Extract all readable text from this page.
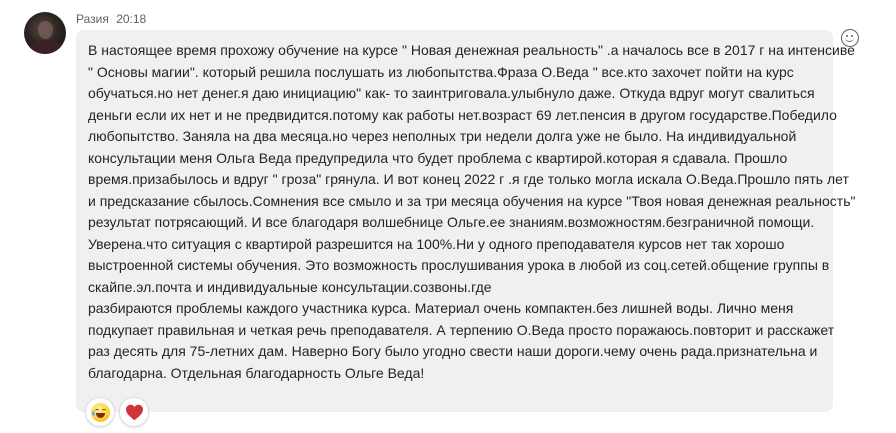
Разия 20:18

В настоящее время прохожу обучение на курсе " Новая денежная реальность" .а началось все в 2017 г на интенсиве
" Основы магии". который решила послушать из любопытства.Фраза О.Веда " все.кто захочет пойти на курс
обучаться.но нет денег.я даю инициацию" как- то заинтриговала.улыбнуло даже. Откуда вдруг могут свалиться
деньги если их нет и не предвидится.потому как работы нет.возраст 69 лет.пенсия в другом государстве.Победило
любопытство. Заняла на два месяца.но через неполных три недели долга уже не было. На индивидуальной
консультации меня Ольга Веда предупредила что будет проблема с квартирой.которая я сдавала. Прошло
время.призабылось и вдруг " гроза" грянула. И вот конец 2022 г .я где только могла искала О.Веда.Прошло пять лет
и предсказание сбылось.Сомнения все смыло и за три месяца обучения на курсе "Твоя новая денежная реальность"
результат потрясающий. И все благодаря волшебнице Ольге.ее знаниям.возможностям.безграничной помощи.
Уверена.что ситуация с квартирой разрешится на 100%.Ни у одного преподавателя курсов нет так хорошо
выстроенной системы обучения. Это возможность прослушивания урока в любой из соц.сетей.общение группы в
скайпе.эл.почта и индивидуальные консультации.созвоны.где
разбираются проблемы каждого участника курса. Материал очень компактен.без лишней воды. Лично меня
подкупает правильная и четкая речь преподавателя. А терпению О.Веда просто поражаюсь.повторит и расскажет
раз десять для 75-летних дам. Наверно Богу было угодно свести наши дороги.чему очень рада.признательна и
благодарна. Отдельная благодарность Ольге Веда!
